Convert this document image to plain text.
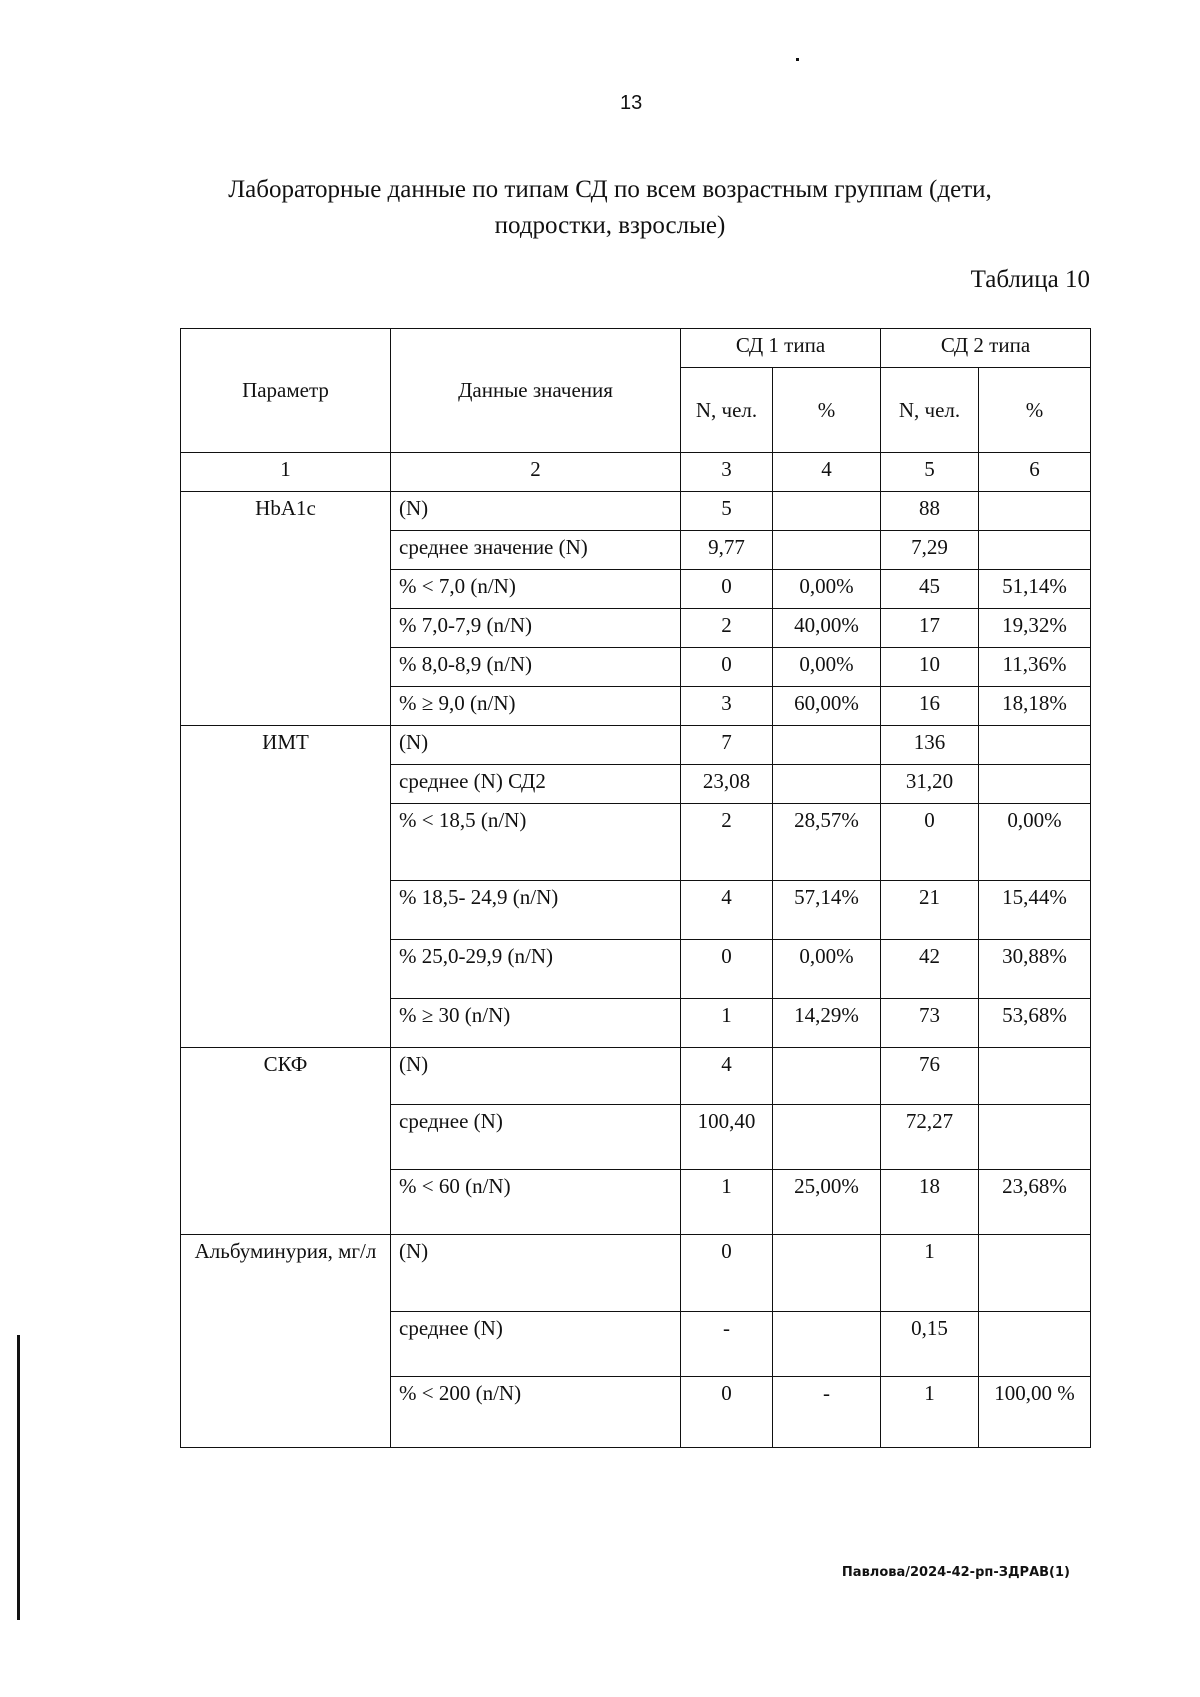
13
Лабораторные данные по типам СД по всем возрастным группам (дети,
подростки, взрослые)
Таблица 10
Параметр	Данные значения	СД 1 типа		СД 2 типа	
		N, чел.	%	N, чел.	%
1	2	3	4	5	6
HbA1c	(N)	5		88	
	среднее значение (N)	9,77		7,29	
	% < 7,0 (n/N)	0	0,00%	45	51,14%
	% 7,0-7,9 (n/N)	2	40,00%	17	19,32%
	% 8,0-8,9 (n/N)	0	0,00%	10	11,36%
	% ≥ 9,0 (n/N)	3	60,00%	16	18,18%
ИМТ	(N)	7		136	
	среднее (N) СД2	23,08		31,20	
	% < 18,5 (n/N)	2	28,57%	0	0,00%
	% 18,5- 24,9 (n/N)	4	57,14%	21	15,44%
	% 25,0-29,9 (n/N)	0	0,00%	42	30,88%
	% ≥ 30 (n/N)	1	14,29%	73	53,68%
СКФ	(N)	4		76	
	среднее (N)	100,40		72,27	
	% < 60 (n/N)	1	25,00%	18	23,68%
Альбуминурия, мг/л	(N)	0		1	
	среднее (N)	-		0,15	
	% < 200 (n/N)	0	-	1	100,00 %
Павлова/2024-42-рп-ЗДРАВ(1)
